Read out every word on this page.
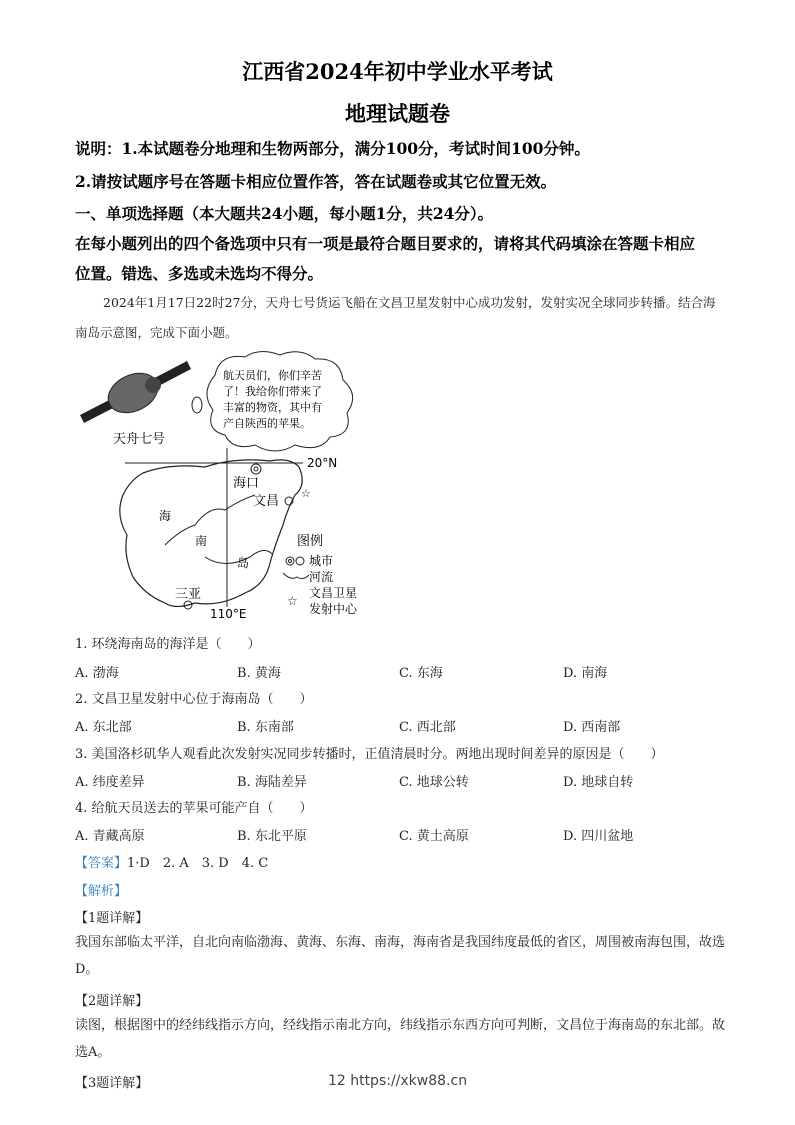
江西省2024年初中学业水平考试
地理试题卷
说明：1.本试题卷分地理和生物两部分，满分100分，考试时间100分钟。
2.请按试题序号在答题卡相应位置作答，答在试题卷或其它位置无效。
一、单项选择题（本大题共24小题，每小题1分，共24分）。
在每小题列出的四个备选项中只有一项是最符合题目要求的，请将其代码填涂在答题卡相应
位置。错选、多选或未选均不得分。
2024年1月17日22时27分，天舟七号货运飞船在文昌卫星发射中心成功发射，发射实况全球同步转播。结合海南岛示意图，完成下面小题。
天舟七号
航天员们，你们辛苦
了！我给你们带来了
丰富的物资，其中有
产自陕西的苹果。
20°N
110°E
海
南
岛
海口
文昌
☆
三亚
图例
城市
河流
文昌卫星
☆
发射中心
1. 环绕海南岛的海洋是（　　）
A. 渤海	B. 黄海	C. 东海	D. 南海
2. 文昌卫星发射中心位于海南岛（　　）
A. 东北部	B. 东南部	C. 西北部	D. 西南部
3. 美国洛杉矶华人观看此次发射实况同步转播时，正值清晨时分。两地出现时间差异的原因是（　　）
A. 纬度差异	B. 海陆差异	C. 地球公转	D. 地球自转
4. 给航天员送去的苹果可能产自（　　）
A. 青藏高原	B. 东北平原	C. 黄土高原	D. 四川盆地
【答案】1·D　2. A　3. D　4. C
【解析】
【1题详解】
我国东部临太平洋，自北向南临渤海、黄海、东海、南海，海南省是我国纬度最低的省区，周围被南海包围，故选D。
【2题详解】
读图，根据图中的经纬线指示方向，经线指示南北方向，纬线指示东西方向可判断，文昌位于海南岛的东北部。故选A。
【3题详解】	12 https://xkw88.cn
